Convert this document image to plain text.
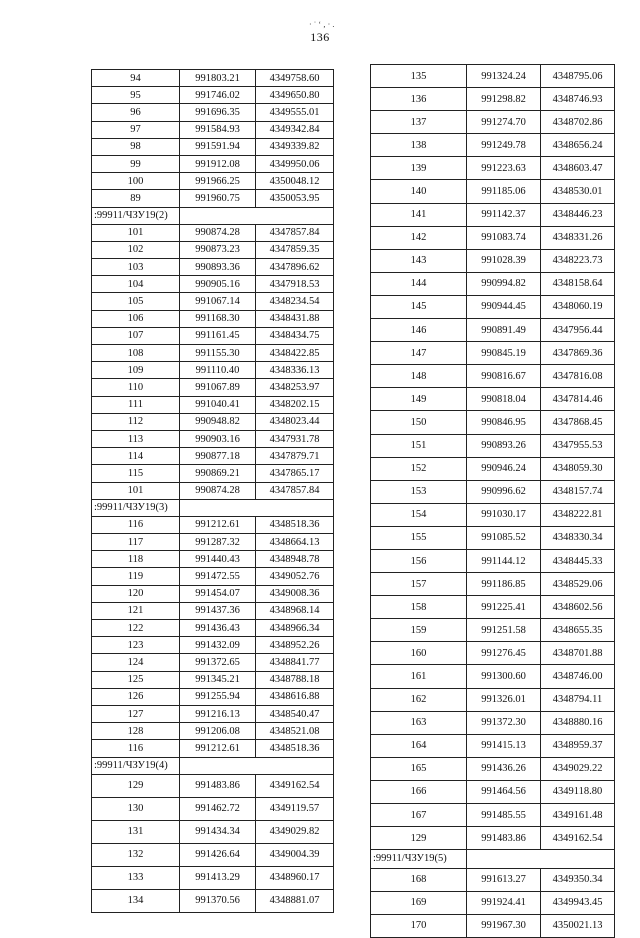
136
· ˙ ‘ ‚ · .
94	991803.21	4349758.60
95	991746.02	4349650.80
96	991696.35	4349555.01
97	991584.93	4349342.84
98	991591.94	4349339.82
99	991912.08	4349950.06
100	991966.25	4350048.12
89	991960.75	4350053.95
:99911/ЧЗУ19(2)		
101	990874.28	4347857.84
102	990873.23	4347859.35
103	990893.36	4347896.62
104	990905.16	4347918.53
105	991067.14	4348234.54
106	991168.30	4348431.88
107	991161.45	4348434.75
108	991155.30	4348422.85
109	991110.40	4348336.13
110	991067.89	4348253.97
111	991040.41	4348202.15
112	990948.82	4348023.44
113	990903.16	4347931.78
114	990877.18	4347879.71
115	990869.21	4347865.17
101	990874.28	4347857.84
:99911/ЧЗУ19(3)		
116	991212.61	4348518.36
117	991287.32	4348664.13
118	991440.43	4348948.78
119	991472.55	4349052.76
120	991454.07	4349008.36
121	991437.36	4348968.14
122	991436.43	4348966.34
123	991432.09	4348952.26
124	991372.65	4348841.77
125	991345.21	4348788.18
126	991255.94	4348616.88
127	991216.13	4348540.47
128	991206.08	4348521.08
116	991212.61	4348518.36
:99911/ЧЗУ19(4)		
129	991483.86	4349162.54
130	991462.72	4349119.57
131	991434.34	4349029.82
132	991426.64	4349004.39
133	991413.29	4348960.17
134	991370.56	4348881.07
135	991324.24	4348795.06
136	991298.82	4348746.93
137	991274.70	4348702.86
138	991249.78	4348656.24
139	991223.63	4348603.47
140	991185.06	4348530.01
141	991142.37	4348446.23
142	991083.74	4348331.26
143	991028.39	4348223.73
144	990994.82	4348158.64
145	990944.45	4348060.19
146	990891.49	4347956.44
147	990845.19	4347869.36
148	990816.67	4347816.08
149	990818.04	4347814.46
150	990846.95	4347868.45
151	990893.26	4347955.53
152	990946.24	4348059.30
153	990996.62	4348157.74
154	991030.17	4348222.81
155	991085.52	4348330.34
156	991144.12	4348445.33
157	991186.85	4348529.06
158	991225.41	4348602.56
159	991251.58	4348655.35
160	991276.45	4348701.88
161	991300.60	4348746.00
162	991326.01	4348794.11
163	991372.30	4348880.16
164	991415.13	4348959.37
165	991436.26	4349029.22
166	991464.56	4349118.80
167	991485.55	4349161.48
129	991483.86	4349162.54
:99911/ЧЗУ19(5)		
168	991613.27	4349350.34
169	991924.41	4349943.45
170	991967.30	4350021.13
